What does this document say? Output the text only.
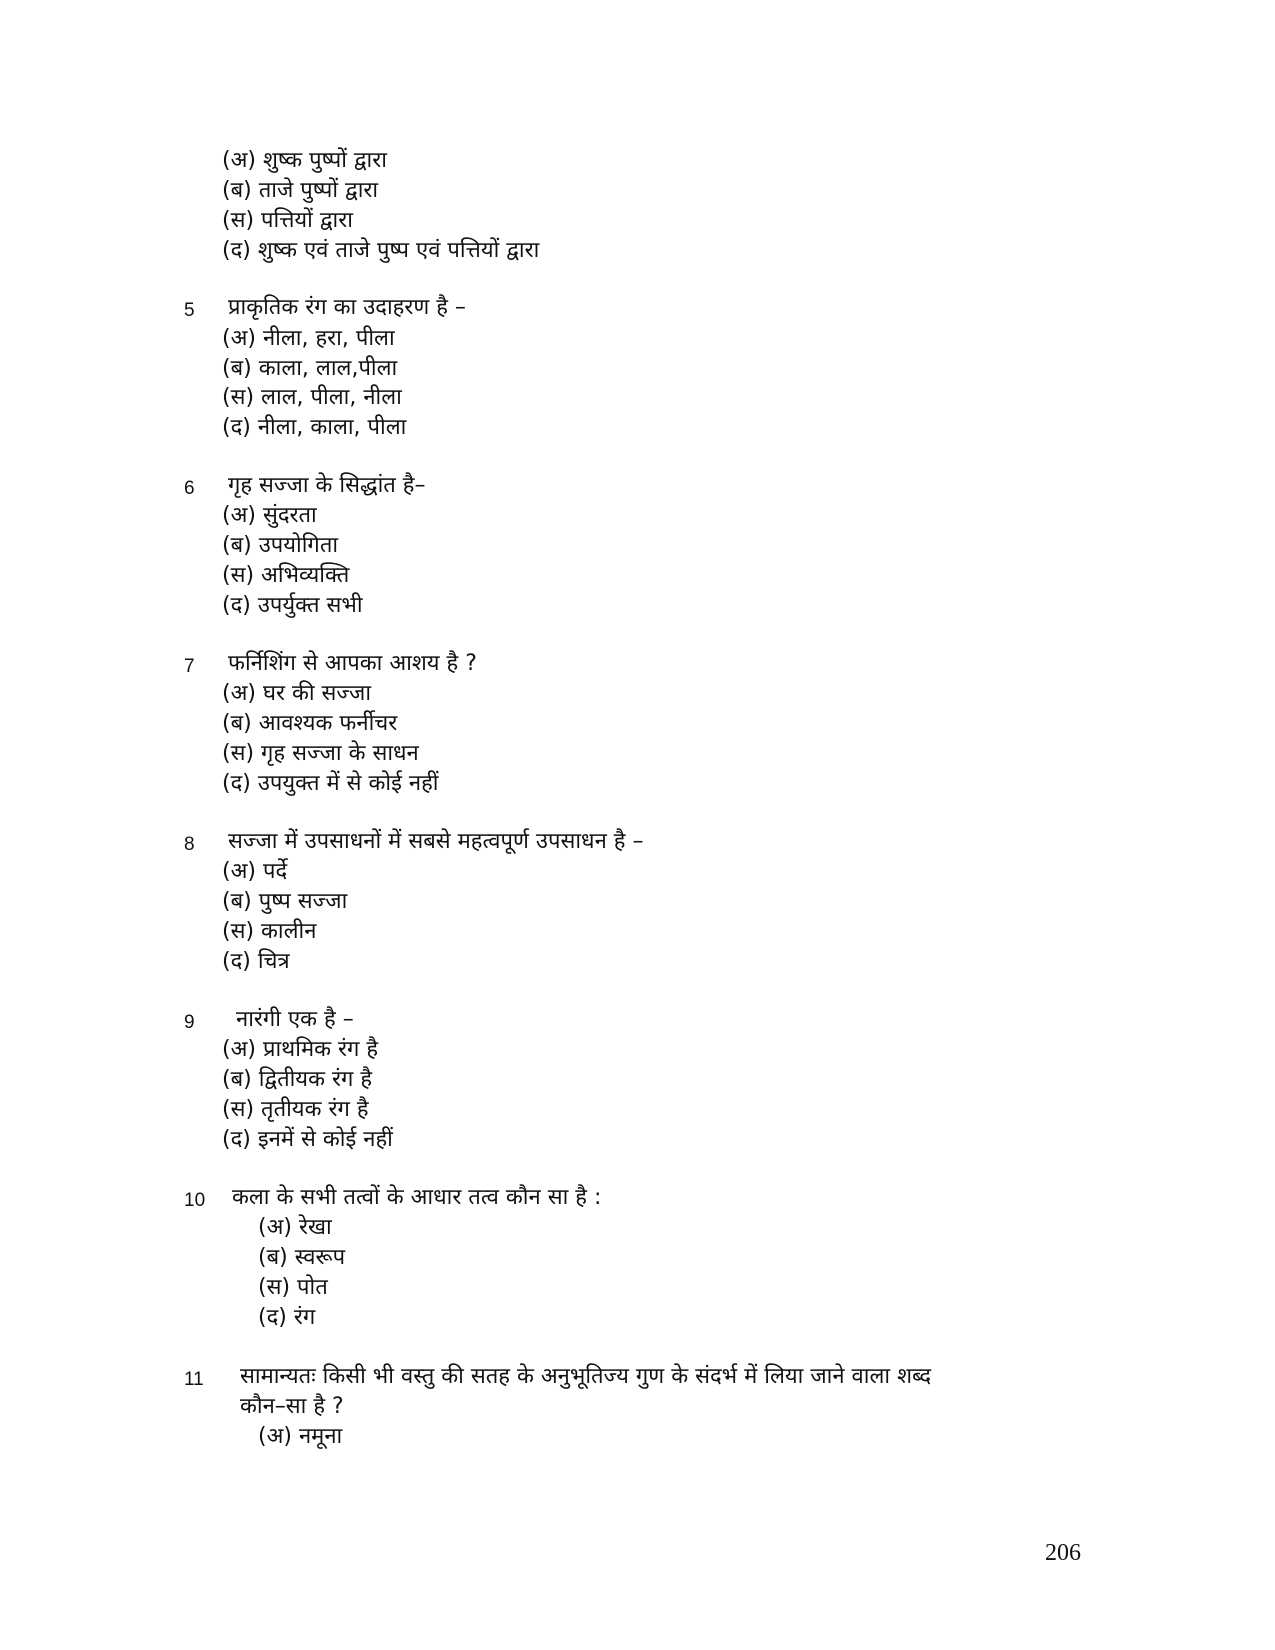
(अ) शुष्क पुष्पों द्वारा
(ब) ताजे पुष्पों द्वारा
(स) पत्तियों द्वारा
(द) शुष्क एवं ताजे पुष्प एवं पत्तियों द्वारा
5 प्राकृतिक रंग का उदाहरण है –
(अ) नीला, हरा, पीला
(ब) काला, लाल,पीला
(स) लाल, पीला, नीला
(द) नीला, काला, पीला
6 गृह सज्जा के सिद्धांत है–
(अ) सुंदरता
(ब) उपयोगिता
(स) अभिव्यक्ति
(द) उपर्युक्त सभी
7 फर्निशिंग से आपका आशय है ?
(अ) घर की सज्जा
(ब) आवश्यक फर्नीचर
(स) गृह सज्जा के साधन
(द) उपयुक्त में से कोई नहीं
8 सज्जा में उपसाधनों में सबसे महत्वपूर्ण उपसाधन है –
(अ) पर्दे
(ब) पुष्प सज्जा
(स) कालीन
(द) चित्र
9 नारंगी एक है –
(अ) प्राथमिक रंग है
(ब) द्वितीयक रंग है
(स) तृतीयक रंग है
(द) इनमें से कोई नहीं
10 कला के सभी तत्वों के आधार तत्व कौन सा है :
(अ) रेखा
(ब) स्वरूप
(स) पोत
(द) रंग
11 सामान्यतः किसी भी वस्तु की सतह के अनुभूतिज्य गुण के संदर्भ में लिया जाने वाला शब्द
कौन–सा है ?
(अ) नमूना
206
